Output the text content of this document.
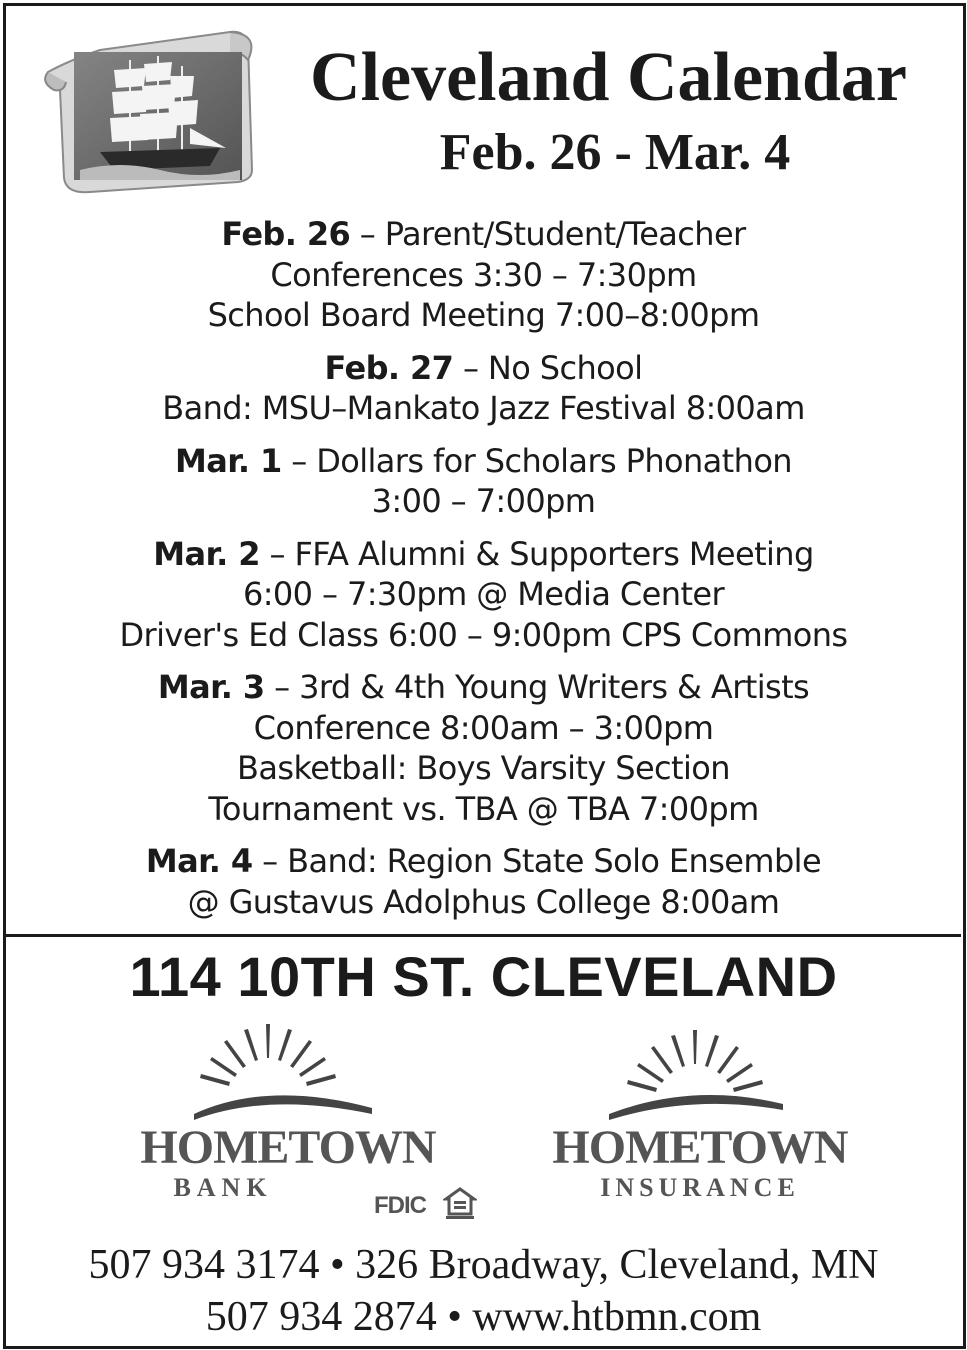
Cleveland Calendar
Feb. 26 - Mar. 4
Feb. 26 – Parent/Student/Teacher
Conferences 3:30 – 7:30pm
School Board Meeting 7:00–8:00pm
Feb. 27 – No School
Band: MSU–Mankato Jazz Festival 8:00am
Mar. 1 – Dollars for Scholars Phonathon
3:00 – 7:00pm
Mar. 2 – FFA Alumni & Supporters Meeting
6:00 – 7:30pm @ Media Center
Driver's Ed Class 6:00 – 9:00pm CPS Commons
Mar. 3 – 3rd & 4th Young Writers & Artists
Conference 8:00am – 3:00pm
Basketball: Boys Varsity Section
Tournament vs. TBA @ TBA 7:00pm
Mar. 4 – Band: Region State Solo Ensemble
@ Gustavus Adolphus College 8:00am
114 10TH ST. CLEVELAND
HOMETOWN
BANK
FDIC
HOMETOWN
INSURANCE

507 934 3174 • 326 Broadway, Cleveland, MN

507 934 2874 • www.htbmn.com
